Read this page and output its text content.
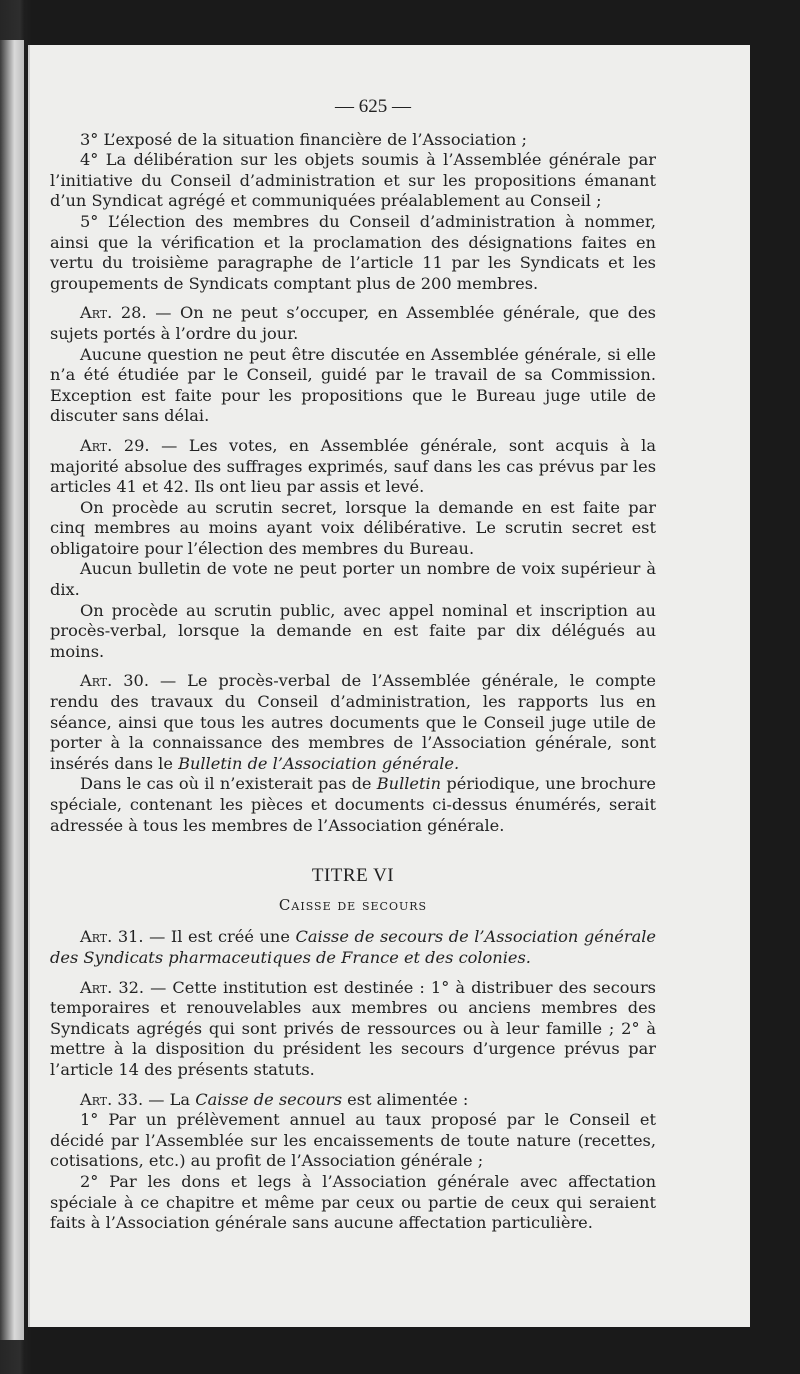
— 625 —

3° L’exposé de la situation financière de l’Association ;

4° La délibération sur les objets soumis à l’Assemblée générale par l’initiative du Conseil d’administration et sur les propositions émanant d’un Syndicat agrégé et communiquées préalablement au Conseil ;

5° L’élection des membres du Conseil d’administration à nommer, ainsi que la vérification et la proclamation des désignations faites en vertu du troisième paragraphe de l’article 11 par les Syndicats et les groupements de Syndicats comptant plus de 200 membres.

Art. 28. — On ne peut s’occuper, en Assemblée générale, que des sujets portés à l’ordre du jour.

Aucune question ne peut être discutée en Assemblée générale, si elle n’a été étudiée par le Conseil, guidé par le travail de sa Commission. Exception est faite pour les propositions que le Bureau juge utile de discuter sans délai.

Art. 29. — Les votes, en Assemblée générale, sont acquis à la majorité absolue des suffrages exprimés, sauf dans les cas prévus par les articles 41 et 42. Ils ont lieu par assis et levé.

On procède au scrutin secret, lorsque la demande en est faite par cinq membres au moins ayant voix délibérative. Le scrutin secret est obligatoire pour l’élection des membres du Bureau.

Aucun bulletin de vote ne peut porter un nombre de voix supérieur à dix.

On procède au scrutin public, avec appel nominal et inscription au procès-verbal, lorsque la demande en est faite par dix délégués au moins.

Art. 30. — Le procès-verbal de l’Assemblée générale, le compte rendu des travaux du Conseil d’administration, les rapports lus en séance, ainsi que tous les autres documents que le Conseil juge utile de porter à la connaissance des membres de l’Association générale, sont insérés dans le Bulletin de l’Association générale.

Dans le cas où il n’existerait pas de Bulletin périodique, une brochure spéciale, contenant les pièces et documents ci-dessus énumérés, serait adressée à tous les membres de l’Association générale.

TITRE VI
Caisse de secours

Art. 31. — Il est créé une Caisse de secours de l’Association générale des Syndicats pharmaceutiques de France et des colonies.

Art. 32. — Cette institution est destinée : 1° à distribuer des secours temporaires et renouvelables aux membres ou anciens membres des Syndicats agrégés qui sont privés de ressources ou à leur famille ; 2° à mettre à la disposition du président les secours d’urgence prévus par l’article 14 des présents statuts.

Art. 33. — La Caisse de secours est alimentée :

1° Par un prélèvement annuel au taux proposé par le Conseil et décidé par l’Assemblée sur les encaissements de toute nature (recettes, cotisations, etc.) au profit de l’Association générale ;

2° Par les dons et legs à l’Association générale avec affectation spéciale à ce chapitre et même par ceux ou partie de ceux qui seraient faits à l’Association générale sans aucune affectation particulière.
